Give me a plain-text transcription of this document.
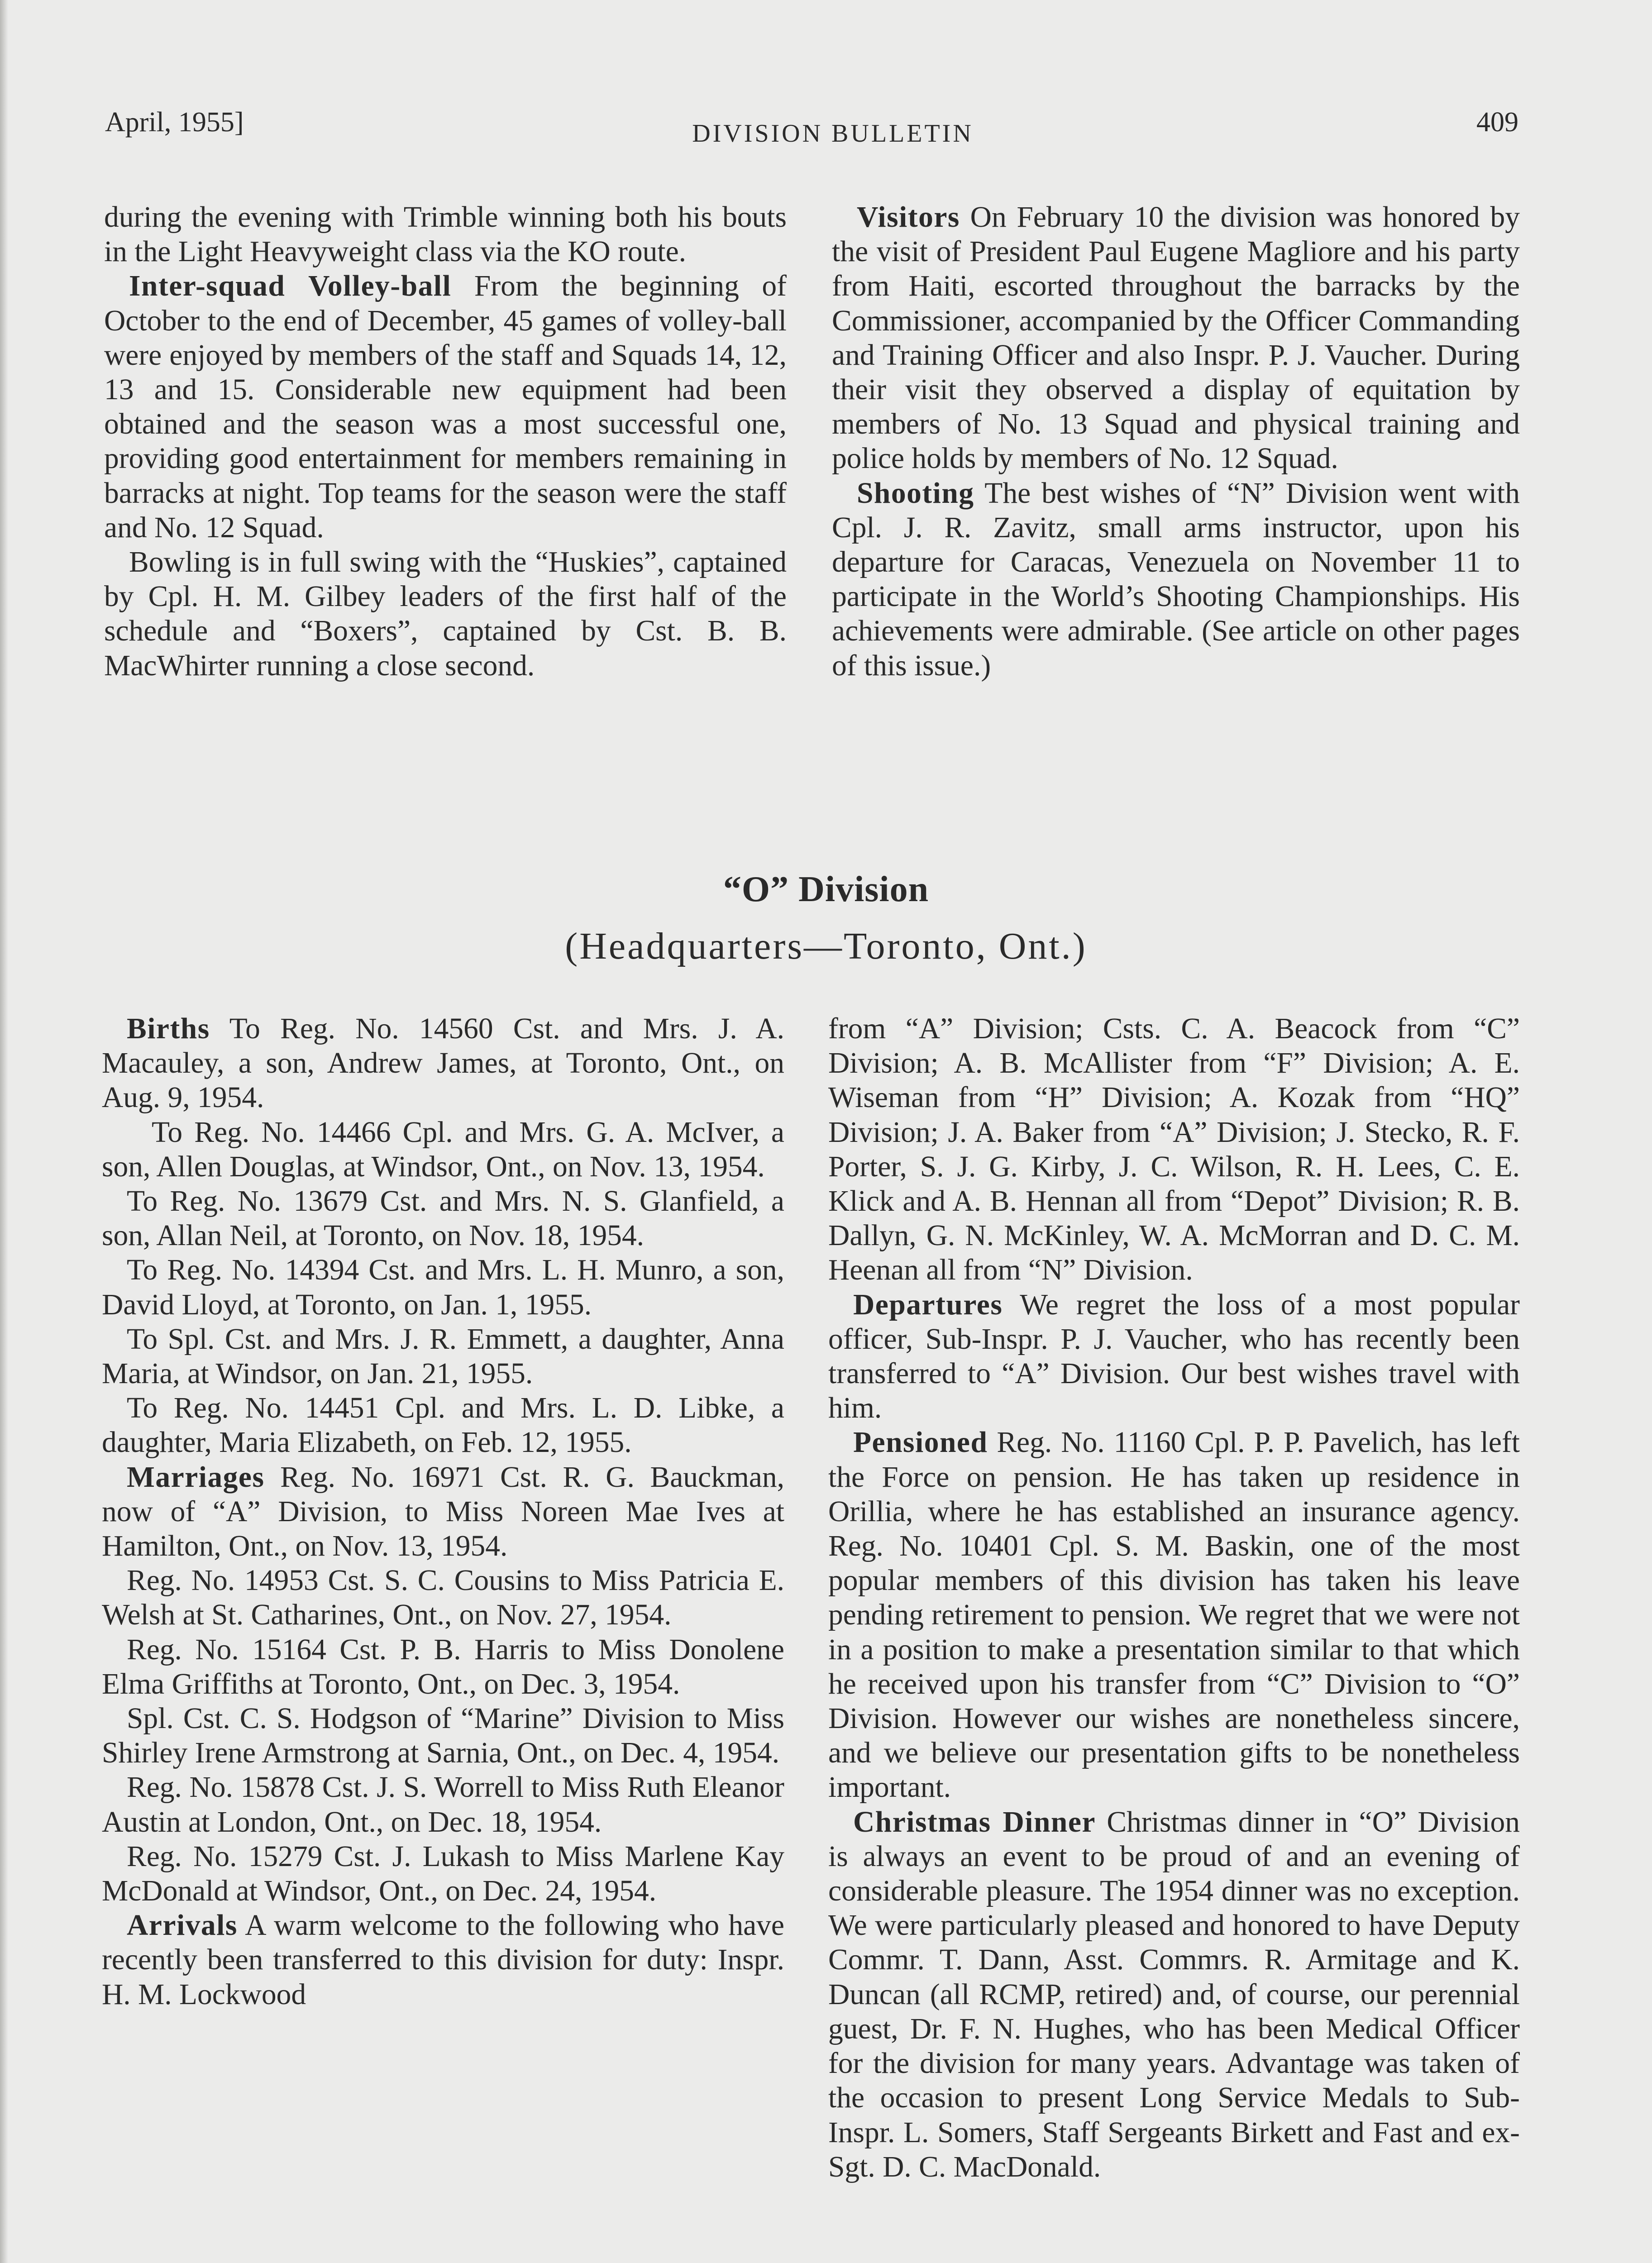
April, 1955]	DIVISION BULLETIN	409

during the evening with Trimble winning both his bouts in the Light Heavyweight class via the KO route.

Inter-squad Volley-ball From the beginning of October to the end of December, 45 games of volley-ball were enjoyed by members of the staff and Squads 14, 12, 13 and 15. Considerable new equipment had been obtained and the season was a most successful one, providing good entertainment for members remaining in barracks at night. Top teams for the season were the staff and No. 12 Squad.

Bowling is in full swing with the “Huskies”, captained by Cpl. H. M. Gilbey leaders of the first half of the schedule and “Boxers”, captained by Cst. B. B. MacWhirter running a close second.

Visitors On February 10 the division was honored by the visit of President Paul Eugene Magliore and his party from Haiti, escorted throughout the barracks by the Commissioner, accompanied by the Officer Commanding and Training Officer and also Inspr. P. J. Vaucher. During their visit they observed a display of equitation by members of No. 13 Squad and physical training and police holds by members of No. 12 Squad.

Shooting The best wishes of “N” Division went with Cpl. J. R. Zavitz, small arms instructor, upon his departure for Caracas, Venezuela on November 11 to participate in the World’s Shooting Championships. His achievements were admirable. (See article on other pages of this issue.)

“O” Division
(Headquarters—Toronto, Ont.)

Births To Reg. No. 14560 Cst. and Mrs. J. A. Macauley, a son, Andrew James, at Toronto, Ont., on Aug. 9, 1954.

To Reg. No. 14466 Cpl. and Mrs. G. A. McIver, a son, Allen Douglas, at Windsor, Ont., on Nov. 13, 1954.

To Reg. No. 13679 Cst. and Mrs. N. S. Glanfield, a son, Allan Neil, at Toronto, on Nov. 18, 1954.

To Reg. No. 14394 Cst. and Mrs. L. H. Munro, a son, David Lloyd, at Toronto, on Jan. 1, 1955.

To Spl. Cst. and Mrs. J. R. Emmett, a daughter, Anna Maria, at Windsor, on Jan. 21, 1955.

To Reg. No. 14451 Cpl. and Mrs. L. D. Libke, a daughter, Maria Elizabeth, on Feb. 12, 1955.

Marriages Reg. No. 16971 Cst. R. G. Bauckman, now of “A” Division, to Miss Noreen Mae Ives at Hamilton, Ont., on Nov. 13, 1954.

Reg. No. 14953 Cst. S. C. Cousins to Miss Patricia E. Welsh at St. Catharines, Ont., on Nov. 27, 1954.

Reg. No. 15164 Cst. P. B. Harris to Miss Donolene Elma Griffiths at Toronto, Ont., on Dec. 3, 1954.

Spl. Cst. C. S. Hodgson of “Marine” Division to Miss Shirley Irene Armstrong at Sarnia, Ont., on Dec. 4, 1954.

Reg. No. 15878 Cst. J. S. Worrell to Miss Ruth Eleanor Austin at London, Ont., on Dec. 18, 1954.

Reg. No. 15279 Cst. J. Lukash to Miss Marlene Kay McDonald at Windsor, Ont., on Dec. 24, 1954.

Arrivals A warm welcome to the following who have recently been transferred to this division for duty: Inspr. H. M. Lockwood

from “A” Division; Csts. C. A. Beacock from “C” Division; A. B. McAllister from “F” Division; A. E. Wiseman from “H” Division; A. Kozak from “HQ” Division; J. A. Baker from “A” Division; J. Stecko, R. F. Porter, S. J. G. Kirby, J. C. Wilson, R. H. Lees, C. E. Klick and A. B. Hennan all from “Depot” Division; R. B. Dallyn, G. N. McKinley, W. A. McMorran and D. C. M. Heenan all from “N” Division.

Departures We regret the loss of a most popular officer, Sub-Inspr. P. J. Vaucher, who has recently been transferred to “A” Division. Our best wishes travel with him.

Pensioned Reg. No. 11160 Cpl. P. P. Pavelich, has left the Force on pension. He has taken up residence in Orillia, where he has established an insurance agency. Reg. No. 10401 Cpl. S. M. Baskin, one of the most popular members of this division has taken his leave pending retirement to pension. We regret that we were not in a position to make a presentation similar to that which he received upon his transfer from “C” Division to “O” Division. However our wishes are nonetheless sincere, and we believe our presentation gifts to be nonetheless important.

Christmas Dinner Christmas dinner in “O” Division is always an event to be proud of and an evening of considerable pleasure. The 1954 dinner was no exception. We were particularly pleased and honored to have Deputy Commr. T. Dann, Asst. Commrs. R. Armitage and K. Duncan (all RCMP, retired) and, of course, our perennial guest, Dr. F. N. Hughes, who has been Medical Officer for the division for many years. Advantage was taken of the occasion to present Long Service Medals to Sub-Inspr. L. Somers, Staff Sergeants Birkett and Fast and ex-Sgt. D. C. MacDonald.
